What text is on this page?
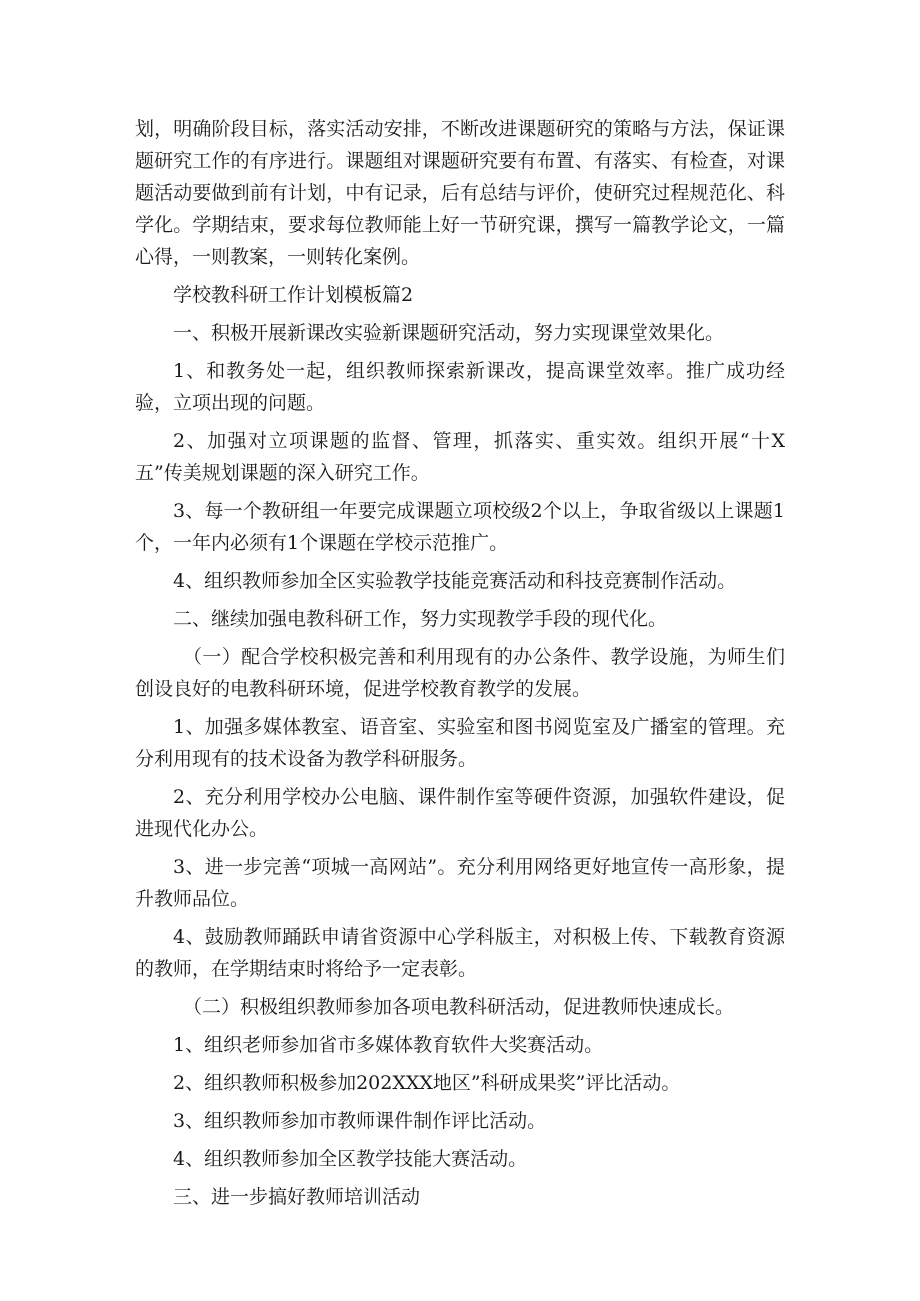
划，明确阶段目标，落实活动安排，不断改进课题研究的策略与方法，保证课题研究工作的有序进行。课题组对课题研究要有布置、有落实、有检查，对课题活动要做到前有计划，中有记录，后有总结与评价，使研究过程规范化、科学化。学期结束，要求每位教师能上好一节研究课，撰写一篇教学论文，一篇心得，一则教案，一则转化案例。

学校教科研工作计划模板篇2

一、积极开展新课改实验新课题研究活动，努力实现课堂效果化。

1、和教务处一起，组织教师探索新课改，提高课堂效率。推广成功经验，立项出现的问题。

2、加强对立项课题的监督、管理，抓落实、重实效。组织开展“十X五”传美规划课题的深入研究工作。

3、每一个教研组一年要完成课题立项校级2个以上，争取省级以上课题1个，一年内必须有1个课题在学校示范推广。

4、组织教师参加全区实验教学技能竞赛活动和科技竞赛制作活动。

二、继续加强电教科研工作，努力实现教学手段的现代化。

（一）配合学校积极完善和利用现有的办公条件、教学设施，为师生们创设良好的电教科研环境，促进学校教育教学的发展。

1、加强多媒体教室、语音室、实验室和图书阅览室及广播室的管理。充分利用现有的技术设备为教学科研服务。

2、充分利用学校办公电脑、课件制作室等硬件资源，加强软件建设，促进现代化办公。

3、进一步完善“项城一高网站”。充分利用网络更好地宣传一高形象，提升教师品位。

4、鼓励教师踊跃申请省资源中心学科版主，对积极上传、下载教育资源的教师，在学期结束时将给予一定表彰。

（二）积极组织教师参加各项电教科研活动，促进教师快速成长。

1、组织老师参加省市多媒体教育软件大奖赛活动。

2、组织教师积极参加202XXX地区”科研成果奖”评比活动。

3、组织教师参加市教师课件制作评比活动。

4、组织教师参加全区教学技能大赛活动。

三、进一步搞好教师培训活动
